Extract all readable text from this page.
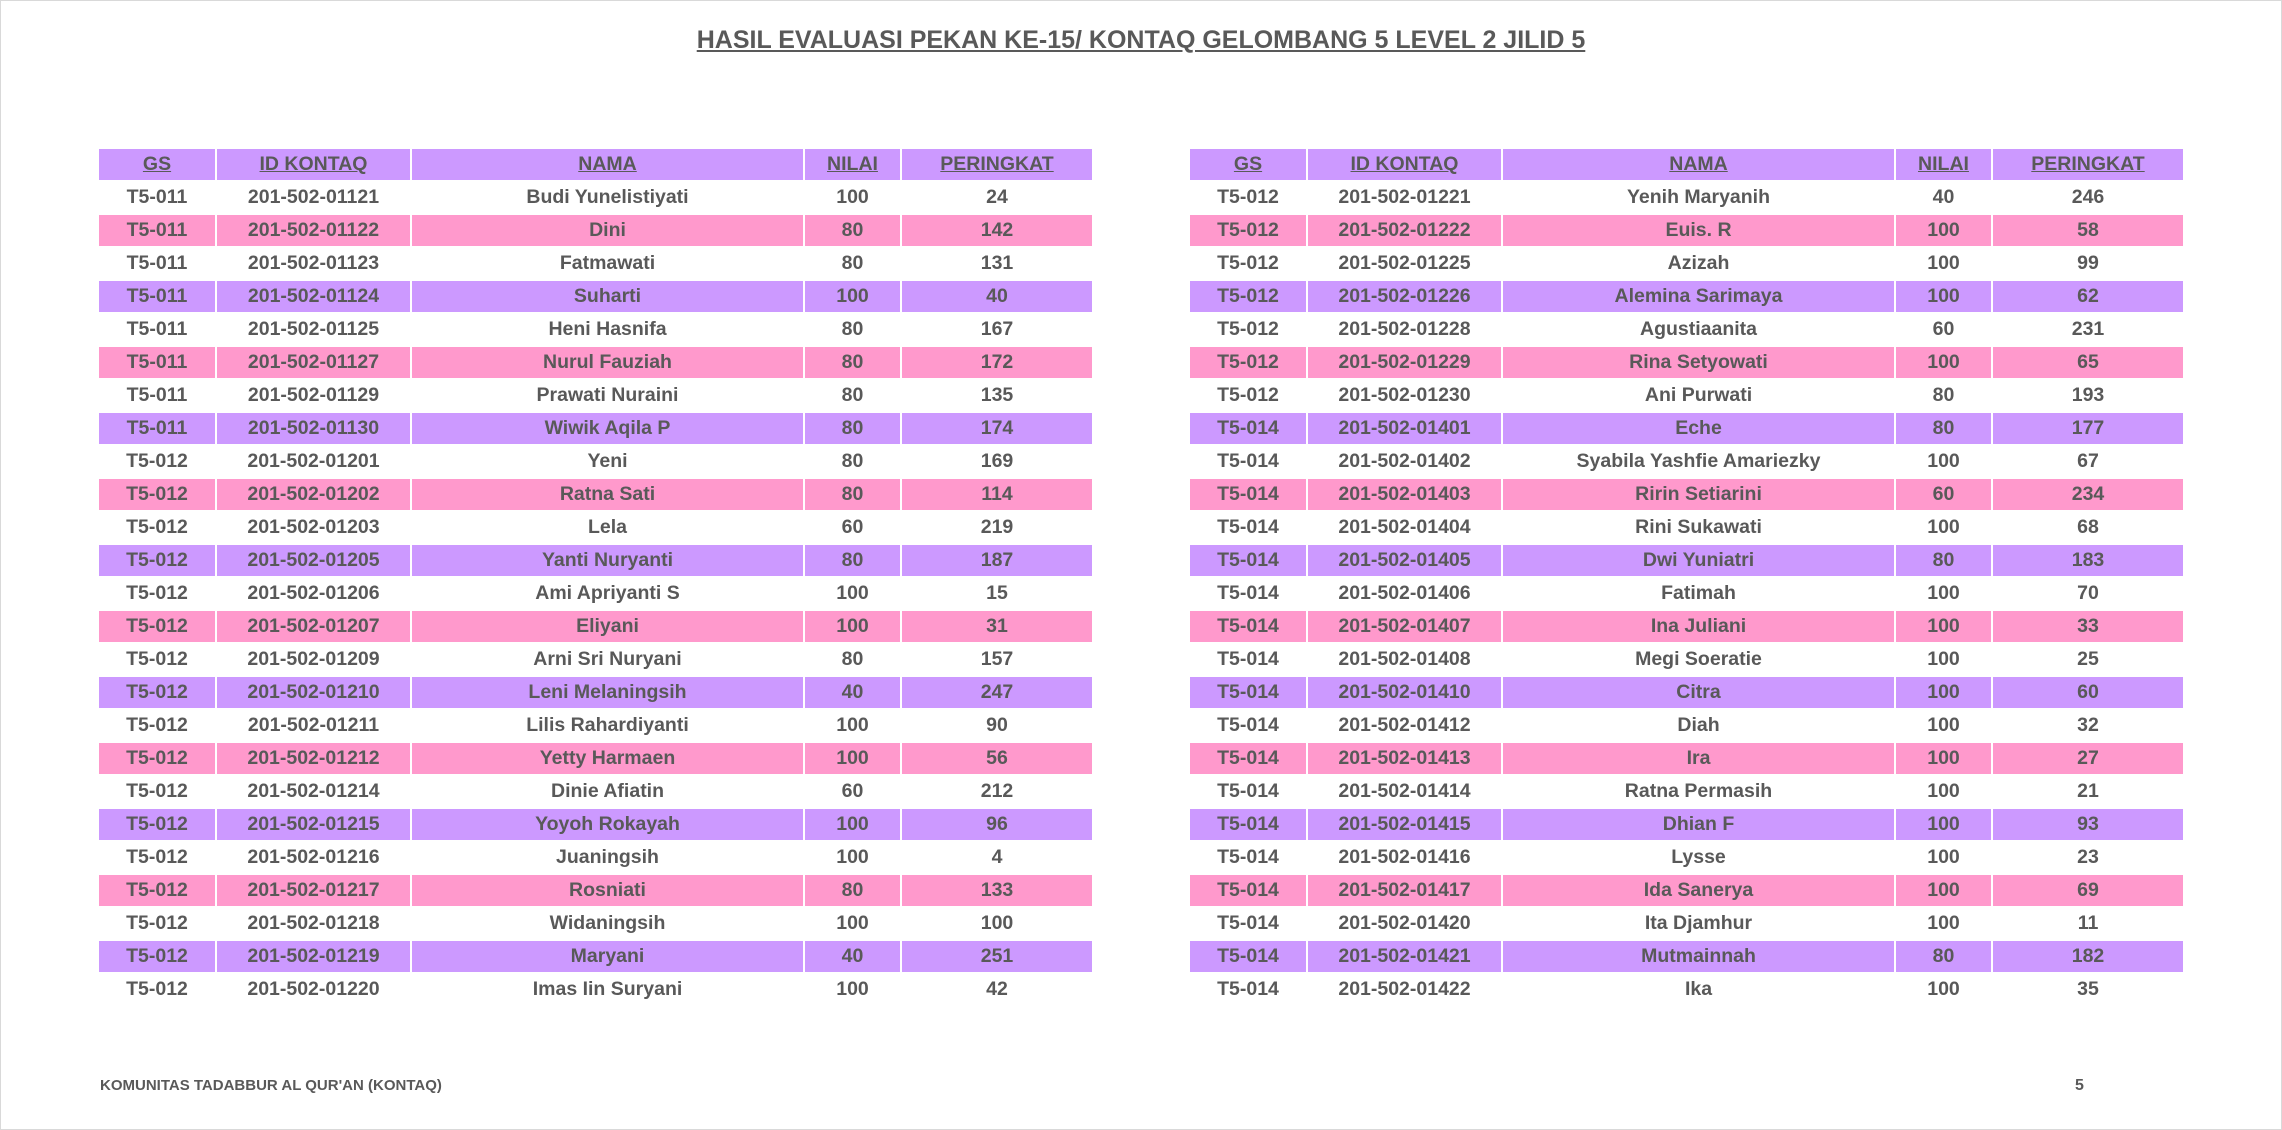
HASIL EVALUASI PEKAN KE-15/ KONTAQ GELOMBANG 5 LEVEL 2 JILID 5
GS	ID KONTAQ	NAMA	NILAI	PERINGKAT
T5-011	201-502-01121	Budi Yunelistiyati	100	24
T5-011	201-502-01122	Dini	80	142
T5-011	201-502-01123	Fatmawati	80	131
T5-011	201-502-01124	Suharti	100	40
T5-011	201-502-01125	Heni Hasnifa	80	167
T5-011	201-502-01127	Nurul Fauziah	80	172
T5-011	201-502-01129	Prawati Nuraini	80	135
T5-011	201-502-01130	Wiwik Aqila P	80	174
T5-012	201-502-01201	Yeni	80	169
T5-012	201-502-01202	Ratna Sati	80	114
T5-012	201-502-01203	Lela	60	219
T5-012	201-502-01205	Yanti Nuryanti	80	187
T5-012	201-502-01206	Ami Apriyanti S	100	15
T5-012	201-502-01207	Eliyani	100	31
T5-012	201-502-01209	Arni Sri Nuryani	80	157
T5-012	201-502-01210	Leni Melaningsih	40	247
T5-012	201-502-01211	Lilis Rahardiyanti	100	90
T5-012	201-502-01212	Yetty Harmaen	100	56
T5-012	201-502-01214	Dinie Afiatin	60	212
T5-012	201-502-01215	Yoyoh Rokayah	100	96
T5-012	201-502-01216	Juaningsih	100	4
T5-012	201-502-01217	Rosniati	80	133
T5-012	201-502-01218	Widaningsih	100	100
T5-012	201-502-01219	Maryani	40	251
T5-012	201-502-01220	Imas Iin Suryani	100	42
GS	ID KONTAQ	NAMA	NILAI	PERINGKAT
T5-012	201-502-01221	Yenih Maryanih	40	246
T5-012	201-502-01222	Euis. R	100	58
T5-012	201-502-01225	Azizah	100	99
T5-012	201-502-01226	Alemina Sarimaya	100	62
T5-012	201-502-01228	Agustiaanita	60	231
T5-012	201-502-01229	Rina Setyowati	100	65
T5-012	201-502-01230	Ani Purwati	80	193
T5-014	201-502-01401	Eche	80	177
T5-014	201-502-01402	Syabila Yashfie Amariezky	100	67
T5-014	201-502-01403	Ririn Setiarini	60	234
T5-014	201-502-01404	Rini Sukawati	100	68
T5-014	201-502-01405	Dwi Yuniatri	80	183
T5-014	201-502-01406	Fatimah	100	70
T5-014	201-502-01407	Ina Juliani	100	33
T5-014	201-502-01408	Megi Soeratie	100	25
T5-014	201-502-01410	Citra	100	60
T5-014	201-502-01412	Diah	100	32
T5-014	201-502-01413	Ira	100	27
T5-014	201-502-01414	Ratna Permasih	100	21
T5-014	201-502-01415	Dhian F	100	93
T5-014	201-502-01416	Lysse	100	23
T5-014	201-502-01417	Ida Sanerya	100	69
T5-014	201-502-01420	Ita Djamhur	100	11
T5-014	201-502-01421	Mutmainnah	80	182
T5-014	201-502-01422	Ika	100	35
KOMUNITAS TADABBUR AL QUR'AN (KONTAQ)	5
